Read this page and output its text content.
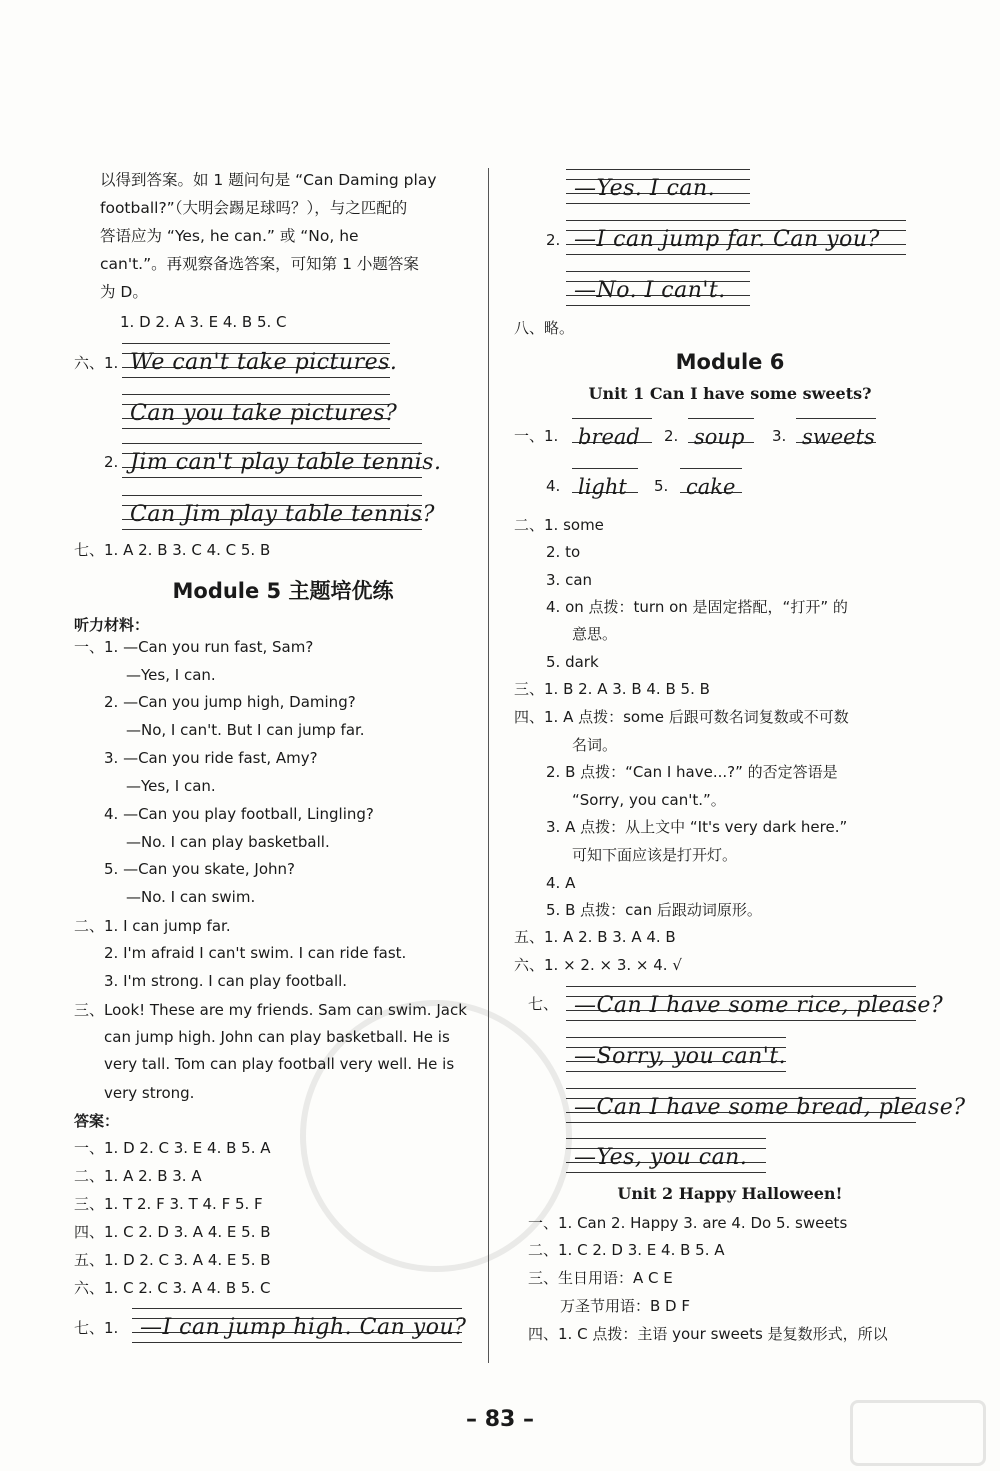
以得到答案。如 1 题问句是 “Can Daming play
football?”（大明会踢足球吗？），与之匹配的
答语应为 “Yes, he can.” 或 “No, he
can't.”。再观察备选答案，可知第 1 小题答案
为 D。
1. D 2. A 3. E 4. B 5. C
六、1. We can't take pictures.
Can you take pictures?
2. Jim can't play table tennis.
Can Jim play table tennis?
七、1. A 2. B 3. C 4. C 5. B
Module 5 主题培优练
听力材料：
一、1. —Can you run fast, Sam?
—Yes, I can.
2. —Can you jump high, Daming?
—No, I can't. But I can jump far.
3. —Can you ride fast, Amy?
—Yes, I can.
4. —Can you play football, Lingling?
—No. I can play basketball.
5. —Can you skate, John?
—No. I can swim.
二、1. I can jump far.
2. I'm afraid I can't swim. I can ride fast.
3. I'm strong. I can play football.
三、Look! These are my friends. Sam can swim. Jack
can jump high. John can play basketball. He is
very tall. Tom can play football very well. He is
very strong.
答案：
一、1. D 2. C 3. E 4. B 5. A
二、1. A 2. B 3. A
三、1. T 2. F 3. T 4. F 5. F
四、1. C 2. D 3. A 4. E 5. B
五、1. D 2. C 3. A 4. E 5. B
六、1. C 2. C 3. A 4. B 5. C
七、1. —I can jump high. Can you?
—Yes. I can.
2. —I can jump far. Can you?
—No. I can't.
八、略。
Module 6
Unit 1 Can I have some sweets?
一、1. bread 2. soup 3. sweets
4. light 5. cake
二、1. some
2. to
3. can
4. on 点拨：turn on 是固定搭配，“打开” 的
意思。
5. dark
三、1. B 2. A 3. B 4. B 5. B
四、1. A 点拨：some 后跟可数名词复数或不可数
名词。
2. B 点拨：“Can I have...?” 的否定答语是
“Sorry, you can't.”。
3. A 点拨：从上文中 “It's very dark here.”
可知下面应该是打开灯。
4. A
5. B 点拨：can 后跟动词原形。
五、1. A 2. B 3. A 4. B
六、1. × 2. × 3. × 4. √
七、 —Can I have some rice, please?
—Sorry, you can't.
—Can I have some bread, please?
—Yes, you can.
Unit 2 Happy Halloween!
一、1. Can 2. Happy 3. are 4. Do 5. sweets
二、1. C 2. D 3. E 4. B 5. A
三、生日用语：A C E
万圣节用语：B D F
四、1. C 点拨：主语 your sweets 是复数形式，所以
– 83 –
